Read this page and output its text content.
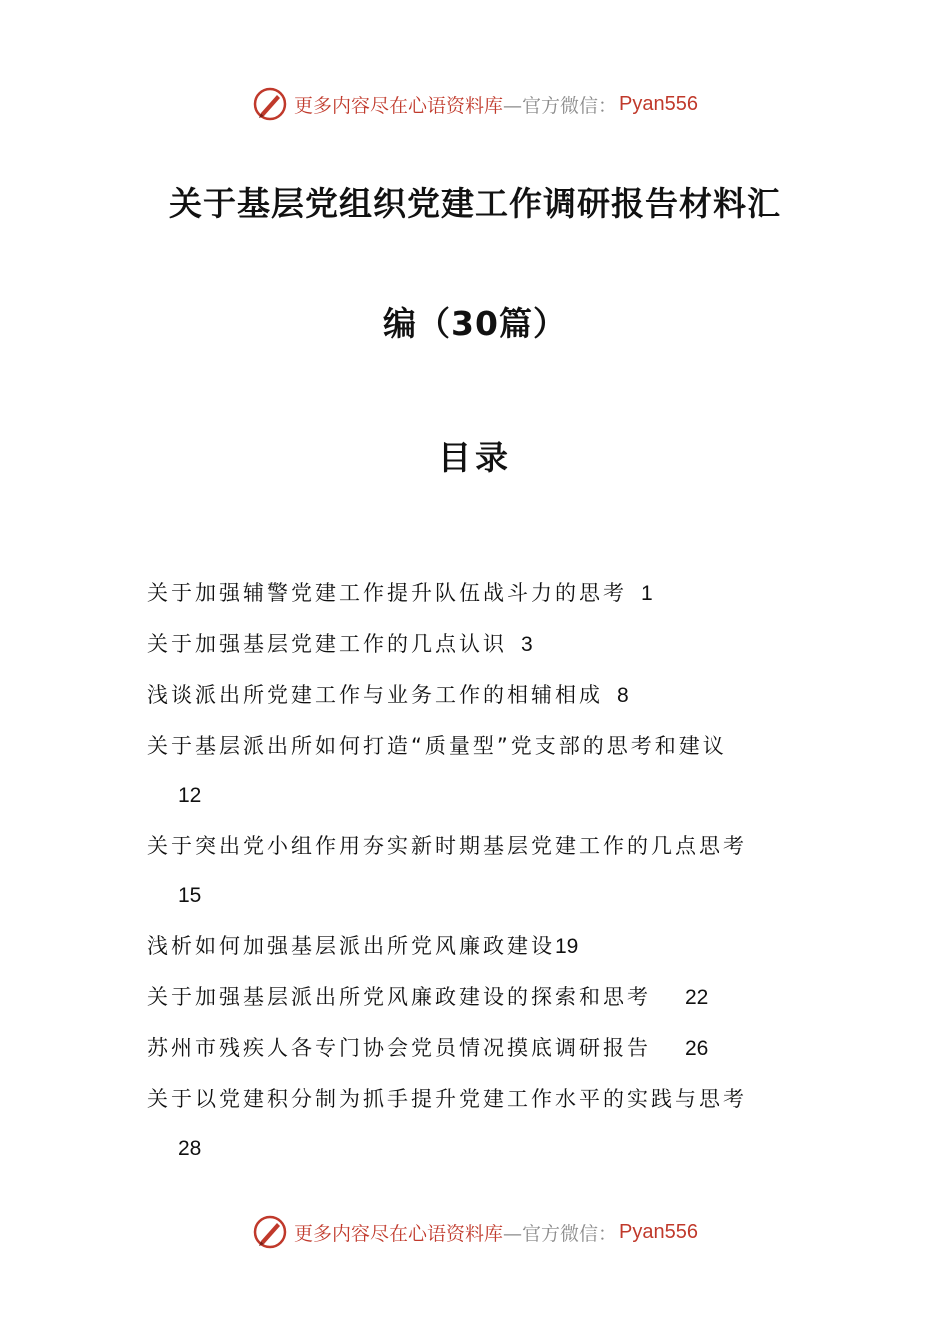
更多内容尽在心语资料库 —官方微信： Pyan556
关于基层党组织党建工作调研报告材料汇
编（30篇）
目录
关于加强辅警党建工作提升队伍战斗力的思考 1
关于加强基层党建工作的几点认识 3
浅谈派出所党建工作与业务工作的相辅相成 8
关于基层派出所如何打造“质量型”党支部的思考和建议
12
关于突出党小组作用夯实新时期基层党建工作的几点思考
15
浅析如何加强基层派出所党风廉政建设19
关于加强基层派出所党风廉政建设的探索和思考 22
苏州市残疾人各专门协会党员情况摸底调研报告 26
关于以党建积分制为抓手提升党建工作水平的实践与思考
28
更多内容尽在心语资料库 —官方微信： Pyan556
